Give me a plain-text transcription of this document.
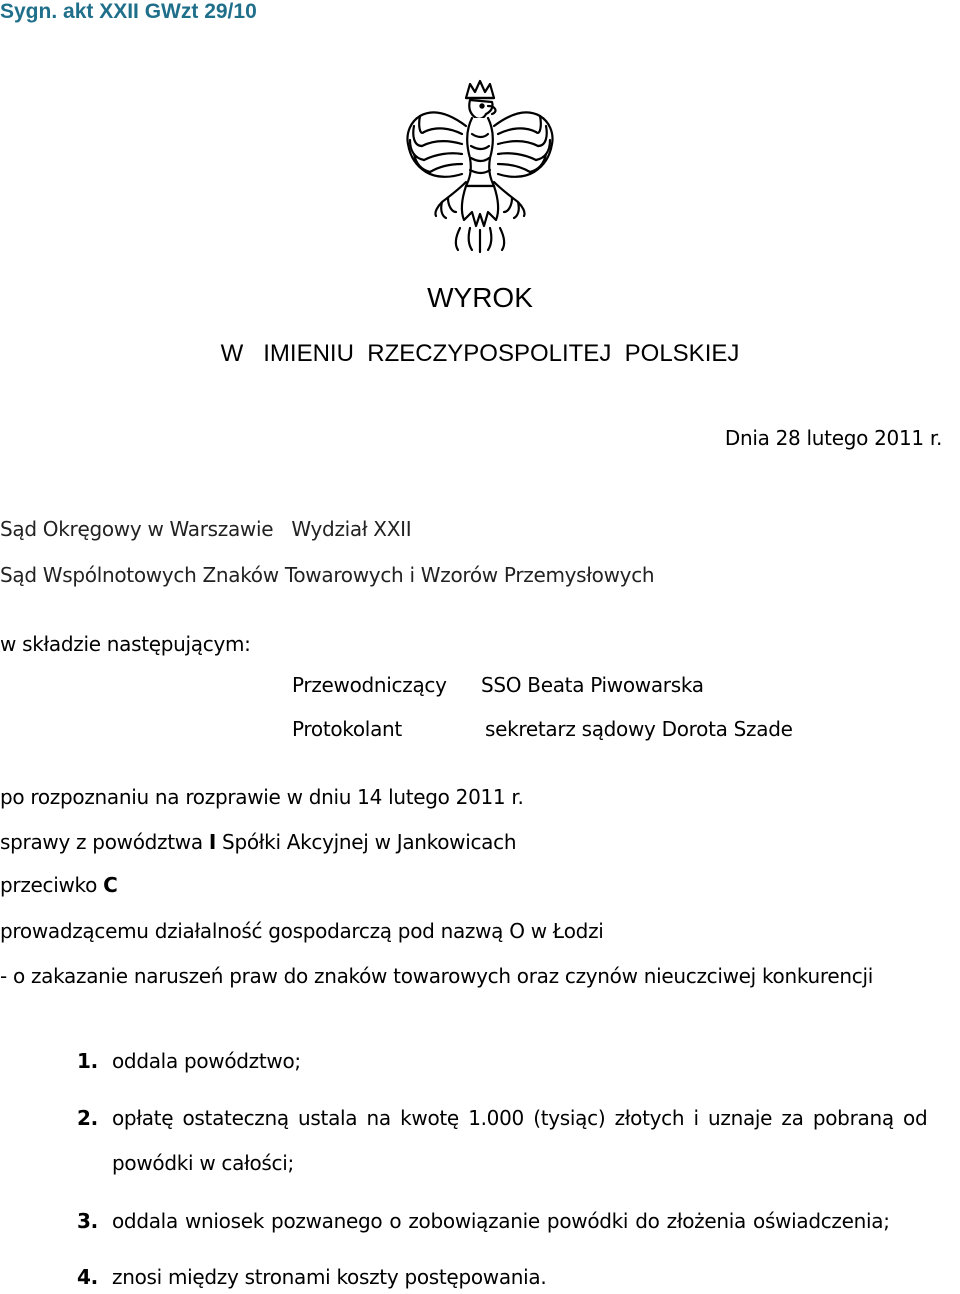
Sygn. akt XXII GWzt 29/10
WYROK
W   IMIENIU  RZECZYPOSPOLITEJ  POLSKIEJ
Dnia 28 lutego 2011 r.
Sąd Okręgowy w Warszawie   Wydział XXII
Sąd Wspólnotowych Znaków Towarowych i Wzorów Przemysłowych
w składzie następującym:
Przewodniczący SSO Beata Piwowarska
Protokolant	sekretarz sądowy Dorota Szade
po rozpoznaniu na rozprawie w dniu 14 lutego 2011 r.
sprawy z powództwa I Spółki Akcyjnej w Jankowicach
przeciwko C
prowadzącemu działalność gospodarczą pod nazwą O w Łodzi
- o zakazanie naruszeń praw do znaków towarowych oraz czynów nieuczciwej konkurencji
1. oddala powództwo;
2. opłatę ostateczną ustala na kwotę 1.000 (tysiąc) złotych i uznaje za pobraną od
powódki w całości;
3. oddala wniosek pozwanego o zobowiązanie powódki do złożenia oświadczenia;
4. znosi między stronami koszty postępowania.
